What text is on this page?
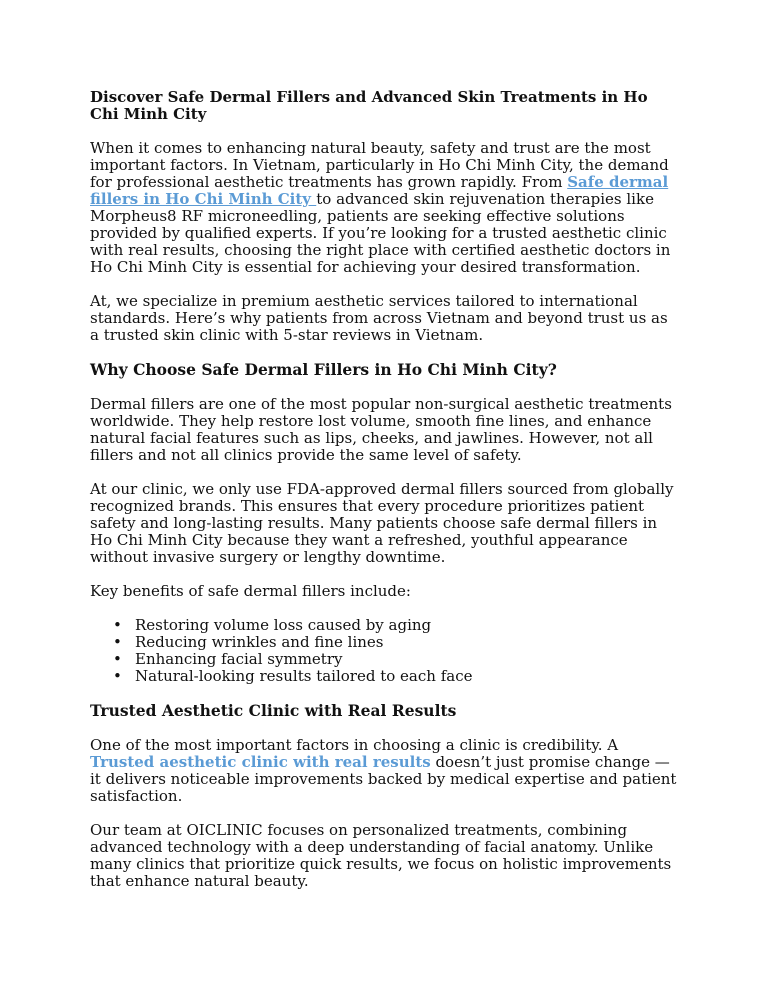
Discover Safe Dermal Fillers and Advanced Skin Treatments in Ho Chi Minh City

When it comes to enhancing natural beauty, safety and trust are the most important factors. In Vietnam, particularly in Ho Chi Minh City, the demand for professional aesthetic treatments has grown rapidly. From Safe dermal fillers in Ho Chi Minh City to advanced skin rejuvenation therapies like Morpheus8 RF microneedling, patients are seeking effective solutions provided by qualified experts. If you’re looking for a trusted aesthetic clinic with real results, choosing the right place with certified aesthetic doctors in Ho Chi Minh City is essential for achieving your desired transformation.

At, we specialize in premium aesthetic services tailored to international standards. Here’s why patients from across Vietnam and beyond trust us as a trusted skin clinic with 5-star reviews in Vietnam.

Why Choose Safe Dermal Fillers in Ho Chi Minh City?

Dermal fillers are one of the most popular non-surgical aesthetic treatments worldwide. They help restore lost volume, smooth fine lines, and enhance natural facial features such as lips, cheeks, and jawlines. However, not all fillers and not all clinics provide the same level of safety.

At our clinic, we only use FDA-approved dermal fillers sourced from globally recognized brands. This ensures that every procedure prioritizes patient safety and long-lasting results. Many patients choose safe dermal fillers in Ho Chi Minh City because they want a refreshed, youthful appearance without invasive surgery or lengthy downtime.

Key benefits of safe dermal fillers include:

• Restoring volume loss caused by aging
• Reducing wrinkles and fine lines
• Enhancing facial symmetry
• Natural-looking results tailored to each face
Trusted Aesthetic Clinic with Real Results

One of the most important factors in choosing a clinic is credibility. A Trusted aesthetic clinic with real results doesn’t just promise change — it delivers noticeable improvements backed by medical expertise and patient satisfaction.

Our team at OICLINIC focuses on personalized treatments, combining advanced technology with a deep understanding of facial anatomy. Unlike many clinics that prioritize quick results, we focus on holistic improvements that enhance natural beauty.
